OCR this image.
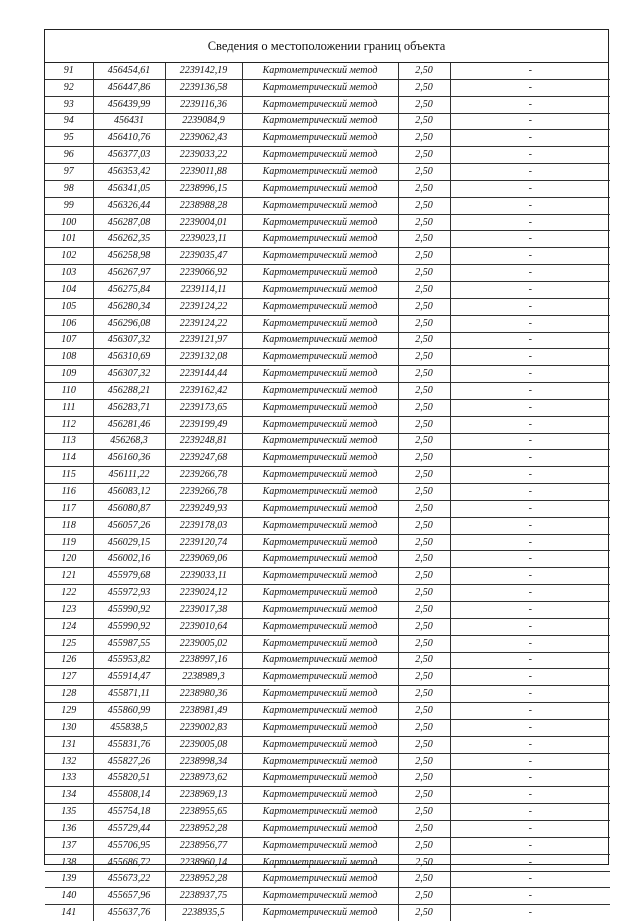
Сведения о местоположении границ объекта
91	456454,61	2239142,19	Картометрический метод	2,50	-
92	456447,86	2239136,58	Картометрический метод	2,50	-
93	456439,99	2239116,36	Картометрический метод	2,50	-
94	456431	2239084,9	Картометрический метод	2,50	-
95	456410,76	2239062,43	Картометрический метод	2,50	-
96	456377,03	2239033,22	Картометрический метод	2,50	-
97	456353,42	2239011,88	Картометрический метод	2,50	-
98	456341,05	2238996,15	Картометрический метод	2,50	-
99	456326,44	2238988,28	Картометрический метод	2,50	-
100	456287,08	2239004,01	Картометрический метод	2,50	-
101	456262,35	2239023,11	Картометрический метод	2,50	-
102	456258,98	2239035,47	Картометрический метод	2,50	-
103	456267,97	2239066,92	Картометрический метод	2,50	-
104	456275,84	2239114,11	Картометрический метод	2,50	-
105	456280,34	2239124,22	Картометрический метод	2,50	-
106	456296,08	2239124,22	Картометрический метод	2,50	-
107	456307,32	2239121,97	Картометрический метод	2,50	-
108	456310,69	2239132,08	Картометрический метод	2,50	-
109	456307,32	2239144,44	Картометрический метод	2,50	-
110	456288,21	2239162,42	Картометрический метод	2,50	-
111	456283,71	2239173,65	Картометрический метод	2,50	-
112	456281,46	2239199,49	Картометрический метод	2,50	-
113	456268,3	2239248,81	Картометрический метод	2,50	-
114	456160,36	2239247,68	Картометрический метод	2,50	-
115	456111,22	2239266,78	Картометрический метод	2,50	-
116	456083,12	2239266,78	Картометрический метод	2,50	-
117	456080,87	2239249,93	Картометрический метод	2,50	-
118	456057,26	2239178,03	Картометрический метод	2,50	-
119	456029,15	2239120,74	Картометрический метод	2,50	-
120	456002,16	2239069,06	Картометрический метод	2,50	-
121	455979,68	2239033,11	Картометрический метод	2,50	-
122	455972,93	2239024,12	Картометрический метод	2,50	-
123	455990,92	2239017,38	Картометрический метод	2,50	-
124	455990,92	2239010,64	Картометрический метод	2,50	-
125	455987,55	2239005,02	Картометрический метод	2,50	-
126	455953,82	2238997,16	Картометрический метод	2,50	-
127	455914,47	2238989,3	Картометрический метод	2,50	-
128	455871,11	2238980,36	Картометрический метод	2,50	-
129	455860,99	2238981,49	Картометрический метод	2,50	-
130	455838,5	2239002,83	Картометрический метод	2,50	-
131	455831,76	2239005,08	Картометрический метод	2,50	-
132	455827,26	2238998,34	Картометрический метод	2,50	-
133	455820,51	2238973,62	Картометрический метод	2,50	-
134	455808,14	2238969,13	Картометрический метод	2,50	-
135	455754,18	2238955,65	Картометрический метод	2,50	-
136	455729,44	2238952,28	Картометрический метод	2,50	-
137	455706,95	2238956,77	Картометрический метод	2,50	-
138	455686,72	2238960,14	Картометрический метод	2,50	-
139	455673,22	2238952,28	Картометрический метод	2,50	-
140	455657,96	2238937,75	Картометрический метод	2,50	-
141	455637,76	2238935,5	Картометрический метод	2,50	-
